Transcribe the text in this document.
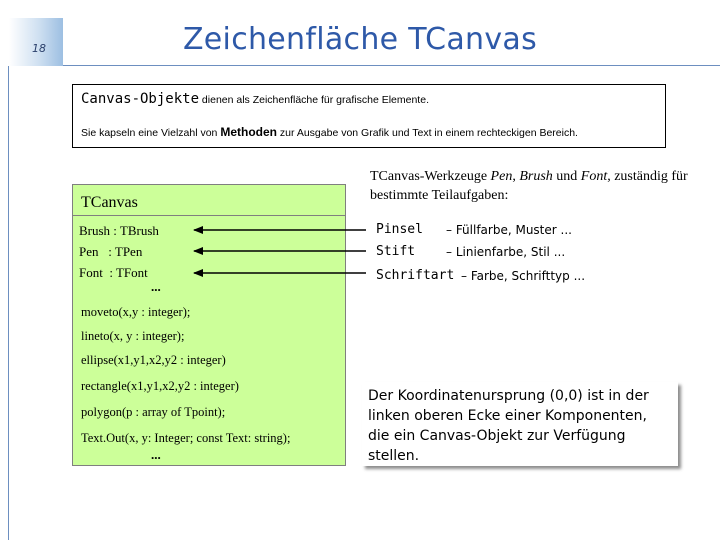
18	Zeichenfläche TCanvas
Canvas-Objekte dienen als Zeichenfläche für grafische Elemente.
Sie kapseln eine Vielzahl von Methoden zur Ausgabe von Grafik und Text in einem rechteckigen Bereich.
TCanvas
Brush : TBrush
Pen   : TPen
Font  : TFont
...
moveto(x,y : integer);
lineto(x, y : integer);
ellipse(x1,y1,x2,y2 : integer)
rectangle(x1,y1,x2,y2 : integer)
polygon(p : array of Tpoint);
Text.Out(x, y: Integer; const Text: string);
...
TCanvas-Werkzeuge Pen, Brush und Font, zuständig für bestimmte Teilaufgaben:
Pinsel – Füllfarbe, Muster ...
Stift	– Linienfarbe, Stil ...
Schriftart – Farbe, Schrifttyp ...
Der Koordinatenursprung (0,0) ist in der linken oberen Ecke einer Komponenten, die ein Canvas-Objekt zur Verfügung stellen.
